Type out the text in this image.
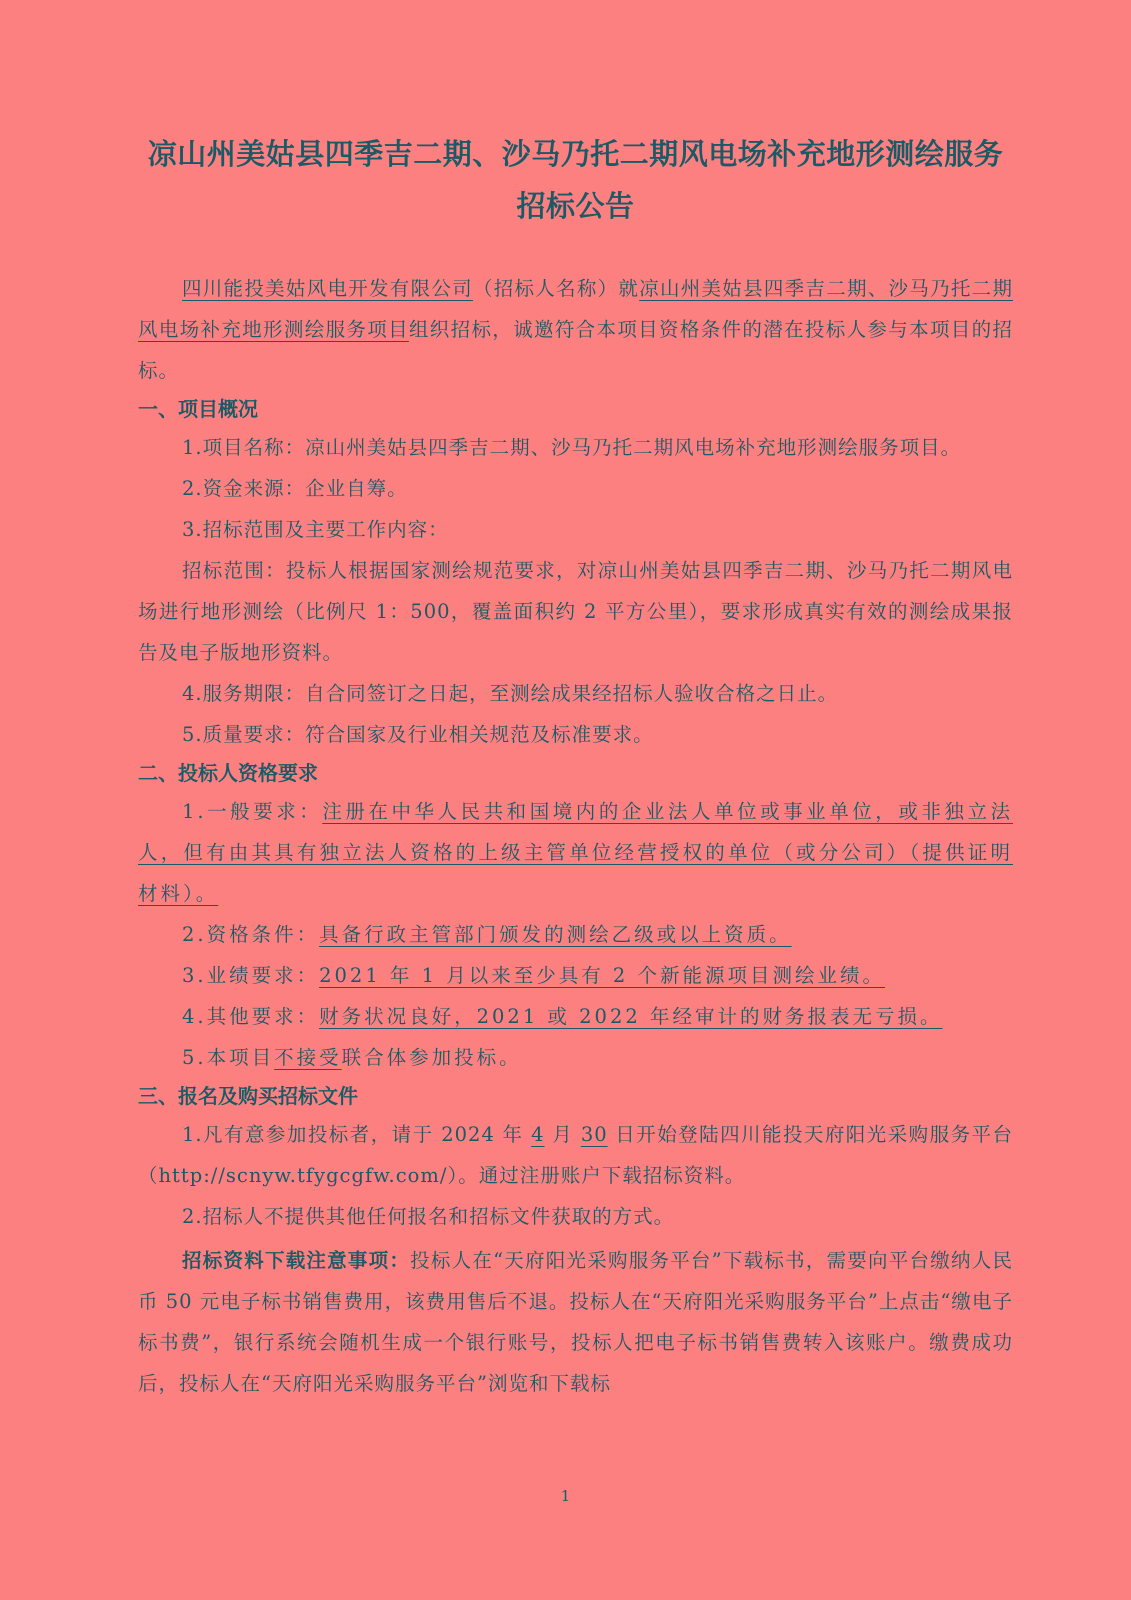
凉山州美姑县四季吉二期、沙马乃托二期风电场补充地形测绘服务
招标公告

四川能投美姑风电开发有限公司（招标人名称）就凉山州美姑县四季吉二期、沙马乃托二期风电场补充地形测绘服务项目组织招标，诚邀符合本项目资格条件的潜在投标人参与本项目的招标。

一、项目概况

1.项目名称：凉山州美姑县四季吉二期、沙马乃托二期风电场补充地形测绘服务项目。

2.资金来源：企业自筹。

3.招标范围及主要工作内容：

招标范围：投标人根据国家测绘规范要求，对凉山州美姑县四季吉二期、沙马乃托二期风电场进行地形测绘（比例尺 1：500，覆盖面积约 2 平方公里），要求形成真实有效的测绘成果报告及电子版地形资料。

4.服务期限：自合同签订之日起，至测绘成果经招标人验收合格之日止。

5.质量要求：符合国家及行业相关规范及标准要求。

二、投标人资格要求

1.一般要求：注册在中华人民共和国境内的企业法人单位或事业单位，或非独立法人，但有由其具有独立法人资格的上级主管单位经营授权的单位（或分公司）（提供证明材料）。

2.资格条件：具备行政主管部门颁发的测绘乙级或以上资质。

3.业绩要求：2021 年 1 月以来至少具有 2 个新能源项目测绘业绩。

4.其他要求：财务状况良好，2021 或 2022 年经审计的财务报表无亏损。

5.本项目不接受联合体参加投标。

三、报名及购买招标文件

1.凡有意参加投标者，请于 2024 年 4 月 30 日开始登陆四川能投天府阳光采购服务平台（http://scnyw.tfygcgfw.com/）。通过注册账户下载招标资料。

2.招标人不提供其他任何报名和招标文件获取的方式。

招标资料下载注意事项：投标人在“天府阳光采购服务平台”下载标书，需要向平台缴纳人民币 50 元电子标书销售费用，该费用售后不退。投标人在“天府阳光采购服务平台”上点击“缴电子标书费”，银行系统会随机生成一个银行账号，投标人把电子标书销售费转入该账户。缴费成功后，投标人在“天府阳光采购服务平台”浏览和下载标

1
